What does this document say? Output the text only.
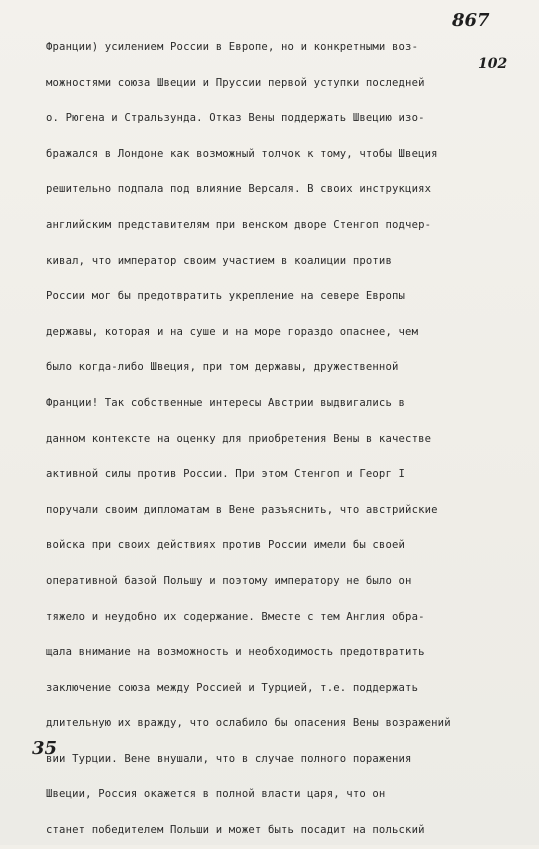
867
102
35
Франции) усилением России в Европе, но и конкретными воз-
можностями союза Швеции и Пруссии первой уступки последней
о. Рюгена и Стральзунда. Отказ Вены поддержать Швецию изо-
бражался в Лондоне как возможный толчок к тому, чтобы Швеция
решительно подпала под влияние Версаля. В своих инструкциях
английским представителям при венском дворе Стенгоп подчер-
кивал, что император своим участием в коалиции против
России мог бы предотвратить укрепление на севере Европы
державы, которая и на суше и на море гораздо опаснее, чем
было когда-либо Швеция, при том державы, дружественной
Франции! Так собственные интересы Австрии выдвигались в
данном контексте на оценку для приобретения Вены в качестве
активной силы против России. При этом Стенгоп и Георг I
поручали своим дипломатам в Вене разъяснить, что австрийские
войска при своих действиях против России имели бы своей
оперативной базой Польшу и поэтому императору не было он
тяжело и неудобно их содержание. Вместе с тем Англия обра-
щала внимание на возможность и необходимость предотвратить
заключение союза между Россией и Турцией, т.е. поддержать
длительную их вражду, что ослабило бы опасения Вены возражений
вии Турции. Вене внушали, что в случае полного поражения
Швеции, Россия окажется в полной власти царя, что он
станет победителем Польши и может быть посадит на польский
